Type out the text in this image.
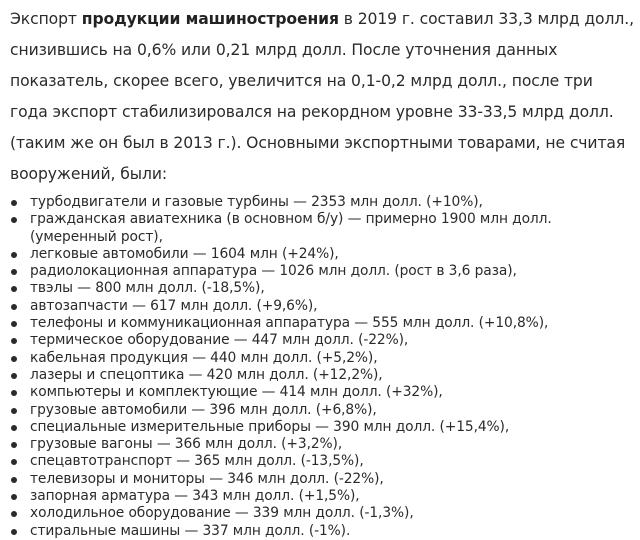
Экспорт продукции машиностроения в 2019 г. составил 33,3 млрд долл., снизившись на 0,6% или 0,21 млрд долл. После уточнения данных показатель, скорее всего, увеличится на 0,1-0,2 млрд долл., после три года экспорт стабилизировался на рекордном уровне 33-33,5 млрд долл. (таким же он был в 2013 г.). Основными экспортными товарами, не считая вооружений, были:

турбодвигатели и газовые турбины — 2353 млн долл. (+10%),
гражданская авиатехника (в основном б/у) — примерно 1900 млн долл. (умеренный рост),
легковые автомобили — 1604 млн (+24%),
радиолокационная аппаратура — 1026 млн долл. (рост в 3,6 раза),
твэлы — 800 млн долл. (-18,5%),
автозапчасти — 617 млн долл. (+9,6%),
телефоны и коммуникационная аппаратура — 555 млн долл. (+10,8%),
термическое оборудование — 447 млн долл. (-22%),
кабельная продукция — 440 млн долл. (+5,2%),
лазеры и спецоптика — 420 млн долл. (+12,2%),
компьютеры и комплектующие — 414 млн долл. (+32%),
грузовые автомобили — 396 млн долл. (+6,8%),
специальные измерительные приборы — 390 млн долл. (+15,4%),
грузовые вагоны — 366 млн долл. (+3,2%),
спецавтотранспорт — 365 млн долл. (-13,5%),
телевизоры и мониторы — 346 млн долл. (-22%),
запорная арматура — 343 млн долл. (+1,5%),
холодильное оборудование — 339 млн долл. (-1,3%),
стиральные машины — 337 млн долл. (-1%).
